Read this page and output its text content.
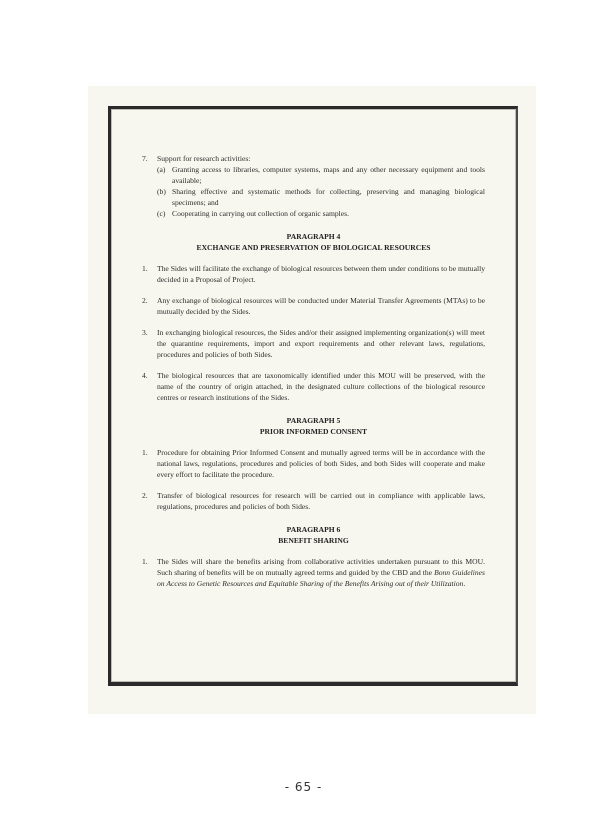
7.	Support for research activities:
(a) Granting access to libraries, computer systems, maps and any other necessary equipment and tools available;
(b) Sharing effective and systematic methods for collecting, preserving and managing biological specimens; and
(c) Cooperating in carrying out collection of organic samples.
PARAGRAPH 4
EXCHANGE AND PRESERVATION OF BIOLOGICAL RESOURCES
1.	The Sides will facilitate the exchange of biological resources between them under conditions to be mutually decided in a Proposal of Project.
2.	Any exchange of biological resources will be conducted under Material Transfer Agreements (MTAs) to be mutually decided by the Sides.
3.	In exchanging biological resources, the Sides and/or their assigned implementing organization(s) will meet the quarantine requirements, import and export requirements and other relevant laws, regulations, procedures and policies of both Sides.
4.	The biological resources that are taxonomically identified under this MOU will be preserved, with the name of the country of origin attached, in the designated culture collections of the biological resource centres or research institutions of the Sides.
PARAGRAPH 5
PRIOR INFORMED CONSENT
1.	Procedure for obtaining Prior Informed Consent and mutually agreed terms will be in accordance with the national laws, regulations, procedures and policies of both Sides, and both Sides will cooperate and make every effort to facilitate the procedure.
2.	Transfer of biological resources for research will be carried out in compliance with applicable laws, regulations, procedures and policies of both Sides.
PARAGRAPH 6
BENEFIT SHARING
1.	The Sides will share the benefits arising from collaborative activities undertaken pursuant to this MOU. Such sharing of benefits will be on mutually agreed terms and guided by the CBD and the Bonn Guidelines on Access to Genetic Resources and Equitable Sharing of the Benefits Arising out of their Utilization.
- 65 -
